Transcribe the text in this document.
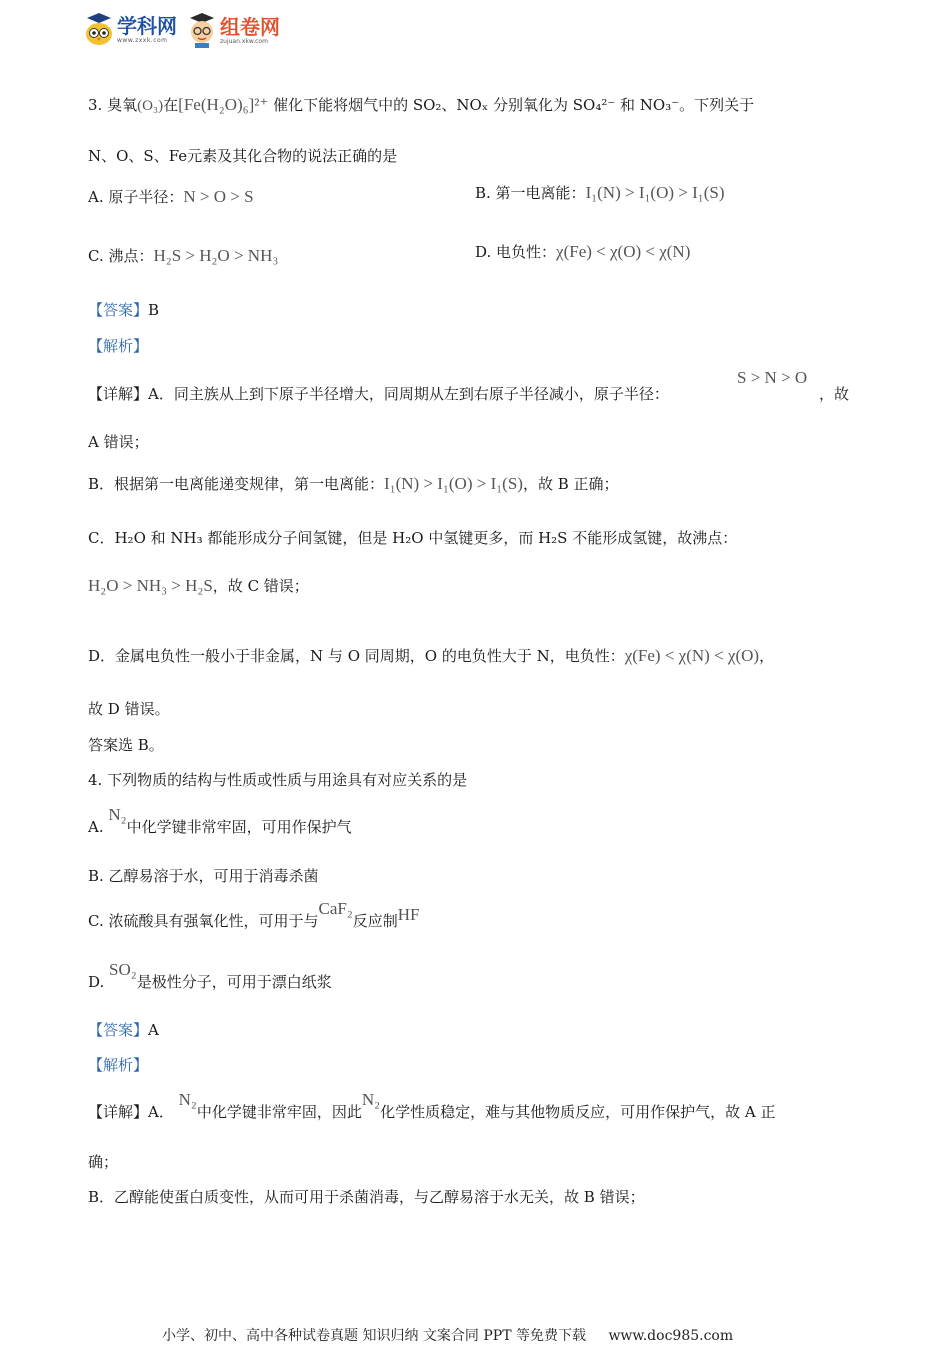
学科网
www.zxxk.com
组卷网
zujuan.xkw.com
3. 臭氧(O₃)在[Fe(H₂O)₆]²⁺ 催化下能将烟气中的 SO₂、NOₓ 分别氧化为 SO₄²⁻ 和 NO₃⁻。下列关于
N、O、S、Fe元素及其化合物的说法正确的是
A. 原子半径：N > O > S	B. 第一电离能：I₁(N) > I₁(O) > I₁(S)
C. 沸点：H₂S > H₂O > NH₃	D. 电负性：χ(Fe) < χ(O) < χ(N)
【答案】B
【解析】
【详解】A．同主族从上到下原子半径增大，同周期从左到右原子半径减小，原子半径：
S > N > O
，故
A 错误；
B．根据第一电离能递变规律，第一电离能：I₁(N) > I₁(O) > I₁(S)，故 B 正确；
C．H₂O 和 NH₃ 都能形成分子间氢键，但是 H₂O 中氢键更多，而 H₂S 不能形成氢键，故沸点：
H₂O > NH₃ > H₂S，故 C 错误；
D．金属电负性一般小于非金属，N 与 O 同周期，O 的电负性大于 N，电负性：χ(Fe) < χ(N) < χ(O)，
故 D 错误。
答案选 B。
4. 下列物质的结构与性质或性质与用途具有对应关系的是
A. N₂中化学键非常牢固，可用作保护气
B. 乙醇易溶于水，可用于消毒杀菌
C. 浓硫酸具有强氧化性，可用于与CaF₂反应制HF
D. SO₂是极性分子，可用于漂白纸浆
【答案】A
【解析】
【详解】A． N₂中化学键非常牢固，因此N₂化学性质稳定，难与其他物质反应，可用作保护气，故 A 正
确；
B．乙醇能使蛋白质变性，从而可用于杀菌消毒，与乙醇易溶于水无关，故 B 错误；
小学、初中、高中各种试卷真题 知识归纳 文案合同 PPT 等免费下载 www.doc985.com
